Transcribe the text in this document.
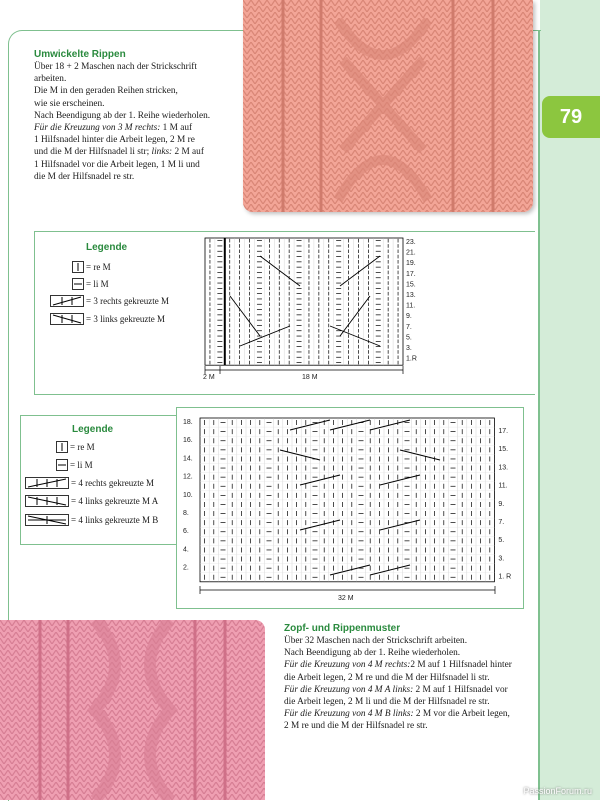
79
Umwickelte Rippen

Über 18 + 2 Maschen nach der Strickschrift

arbeiten.

Die M in den geraden Reihen stricken,

wie sie erscheinen.

Nach Beendigung ab der 1. Reihe wiederholen.

Für die Kreuzung von 3 M rechts: 1 M auf

1 Hilfsnadel hinter die Arbeit legen, 2 M re

und die M der Hilfsnadel li str; links: 2 M auf

1 Hilfsnadel vor die Arbeit legen, 1 M li und

die M der Hilfsnadel re str.

Legende
= re M
= li M
= 3 rechts gekreuzte M
= 3 links gekreuzte M
23.
21.
19.
17.
15.
13.
11.
9.
7.
5.
3.
1.R
2 M	18 M
Legende
= re M
= li M
= 4 rechts gekreuzte M
= 4 links gekreuzte M A
= 4 links gekreuzte M B
18.
16.
14.
12.
10.
8.
6.
4.
2.
17.
15.
13.
11.
9.
7.
5.
3.
1. R
32 M
Zopf- und Rippenmuster

Über 32 Maschen nach der Strickschrift arbeiten.

Nach Beendigung ab der 1. Reihe wiederholen.

Für die Kreuzung von 4 M rechts:2 M auf 1 Hilfsnadel hinter

die Arbeit legen, 2 M re und die M der Hilfsnadel li str.

Für die Kreuzung von 4 M A links: 2 M auf 1 Hilfsnadel vor

die Arbeit legen, 2 M li und die M der Hilfsnadel re str.

Für die Kreuzung von 4 M B links: 2 M vor die Arbeit legen,

2 M re und die M der Hilfsnadel re str.

PassionForum.ru
